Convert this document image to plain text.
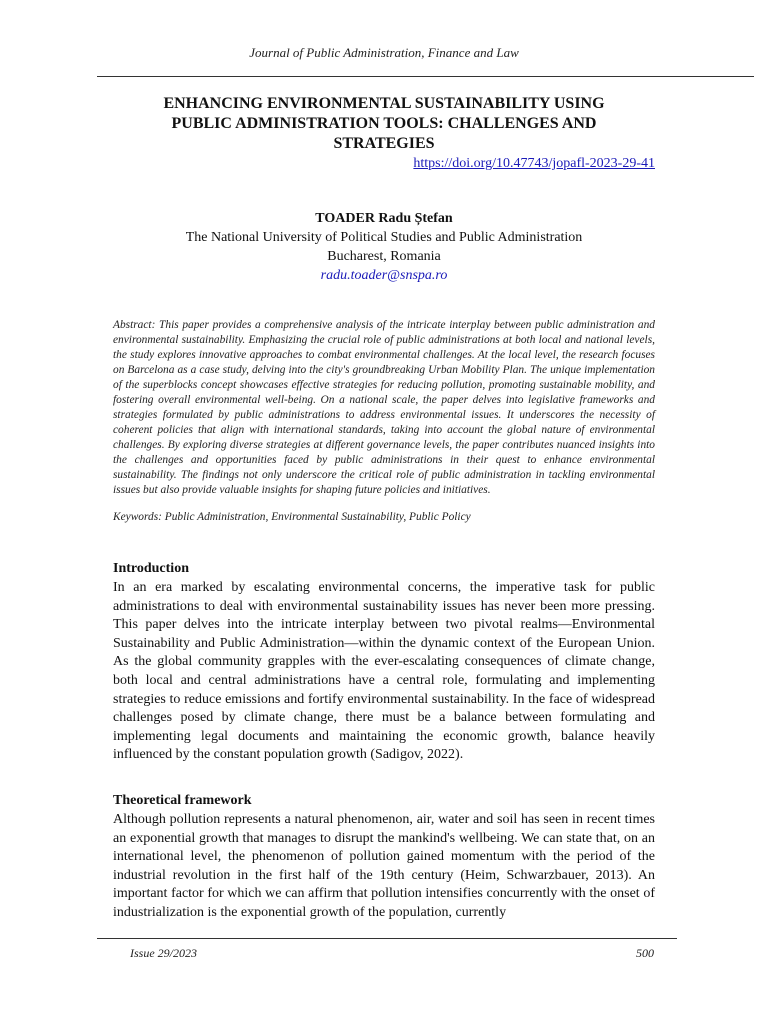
Journal of Public Administration, Finance and Law
ENHANCING ENVIRONMENTAL SUSTAINABILITY USING
PUBLIC ADMINISTRATION TOOLS: CHALLENGES AND
STRATEGIES
https://doi.org/10.47743/jopafl-2023-29-41
TOADER Radu Ștefan
The National University of Political Studies and Public Administration
Bucharest, Romania
radu.toader@snspa.ro

Abstract: This paper provides a comprehensive analysis of the intricate interplay between public administration and environmental sustainability. Emphasizing the crucial role of public administrations at both local and national levels, the study explores innovative approaches to combat environmental challenges. At the local level, the research focuses on Barcelona as a case study, delving into the city's groundbreaking Urban Mobility Plan. The unique implementation of the superblocks concept showcases effective strategies for reducing pollution, promoting sustainable mobility, and fostering overall environmental well-being. On a national scale, the paper delves into legislative frameworks and strategies formulated by public administrations to address environmental issues. It underscores the necessity of coherent policies that align with international standards, taking into account the global nature of environmental challenges. By exploring diverse strategies at different governance levels, the paper contributes nuanced insights into the challenges and opportunities faced by public administrations in their quest to enhance environmental sustainability. The findings not only underscore the critical role of public administration in tackling environmental issues but also provide valuable insights for shaping future policies and initiatives.

Keywords: Public Administration, Environmental Sustainability, Public Policy

Introduction

In an era marked by escalating environmental concerns, the imperative task for public administrations to deal with environmental sustainability issues has never been more pressing. This paper delves into the intricate interplay between two pivotal realms—Environmental Sustainability and Public Administration—within the dynamic context of the European Union. As the global community grapples with the ever-escalating consequences of climate change, both local and central administrations have a central role, formulating and implementing strategies to reduce emissions and fortify environmental sustainability. In the face of widespread challenges posed by climate change, there must be a balance between formulating and implementing legal documents and maintaining the economic growth, balance heavily influenced by the constant population growth (Sadigov, 2022).

Theoretical framework

Although pollution represents a natural phenomenon, air, water and soil has seen in recent times an exponential growth that manages to disrupt the mankind's wellbeing. We can state that, on an international level, the phenomenon of pollution gained momentum with the period of the industrial revolution in the first half of the 19th century (Heim, Schwarzbauer, 2013). An important factor for which we can affirm that pollution intensifies concurrently with the onset of industrialization is the exponential growth of the population, currently

Issue 29/2023	500
